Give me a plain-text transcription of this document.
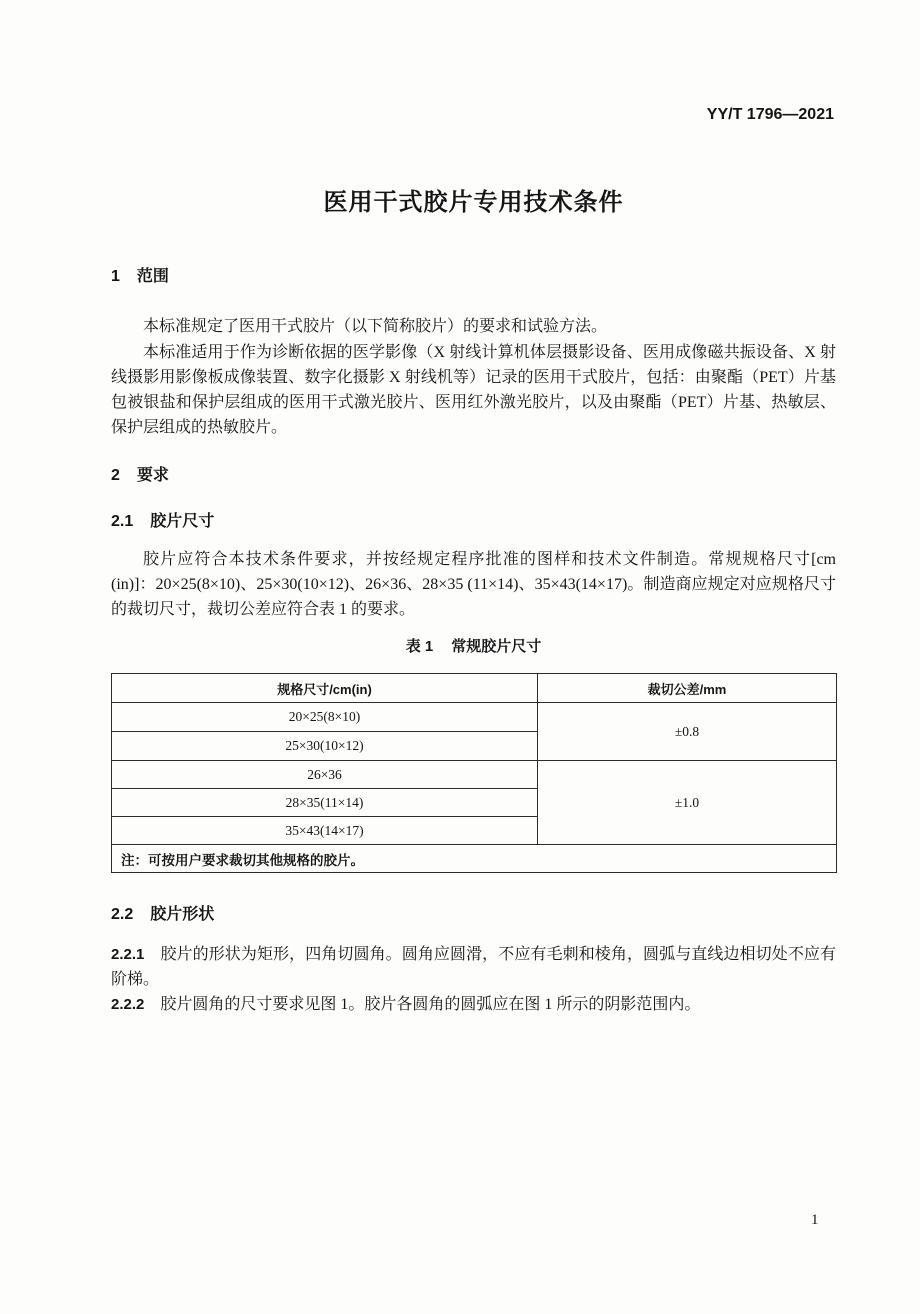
YY/T 1796—2021
医用干式胶片专用技术条件
1 范围

本标准规定了医用干式胶片（以下简称胶片）的要求和试验方法。

本标准适用于作为诊断依据的医学影像（X 射线计算机体层摄影设备、医用成像磁共振设备、X 射线摄影用影像板成像装置、数字化摄影 X 射线机等）记录的医用干式胶片，包括：由聚酯（PET）片基包被银盐和保护层组成的医用干式激光胶片、医用红外激光胶片，以及由聚酯（PET）片基、热敏层、保护层组成的热敏胶片。

2 要求
2.1 胶片尺寸

胶片应符合本技术条件要求，并按经规定程序批准的图样和技术文件制造。常规规格尺寸[cm (in)]：20×25(8×10)、25×30(10×12)、26×36、28×35 (11×14)、35×43(14×17)。制造商应规定对应规格尺寸的裁切尺寸，裁切公差应符合表 1 的要求。

表 1 常规胶片尺寸
规格尺寸/cm(in)	裁切公差/mm
20×25(8×10)	±0.8
25×30(10×12)	
26×36	±1.0
28×35(11×14)	
35×43(14×17)	
注：可按用户要求裁切其他规格的胶片。	
2.2 胶片形状

2.2.1 胶片的形状为矩形，四角切圆角。圆角应圆滑，不应有毛刺和棱角，圆弧与直线边相切处不应有阶梯。

2.2.2 胶片圆角的尺寸要求见图 1。胶片各圆角的圆弧应在图 1 所示的阴影范围内。

1
